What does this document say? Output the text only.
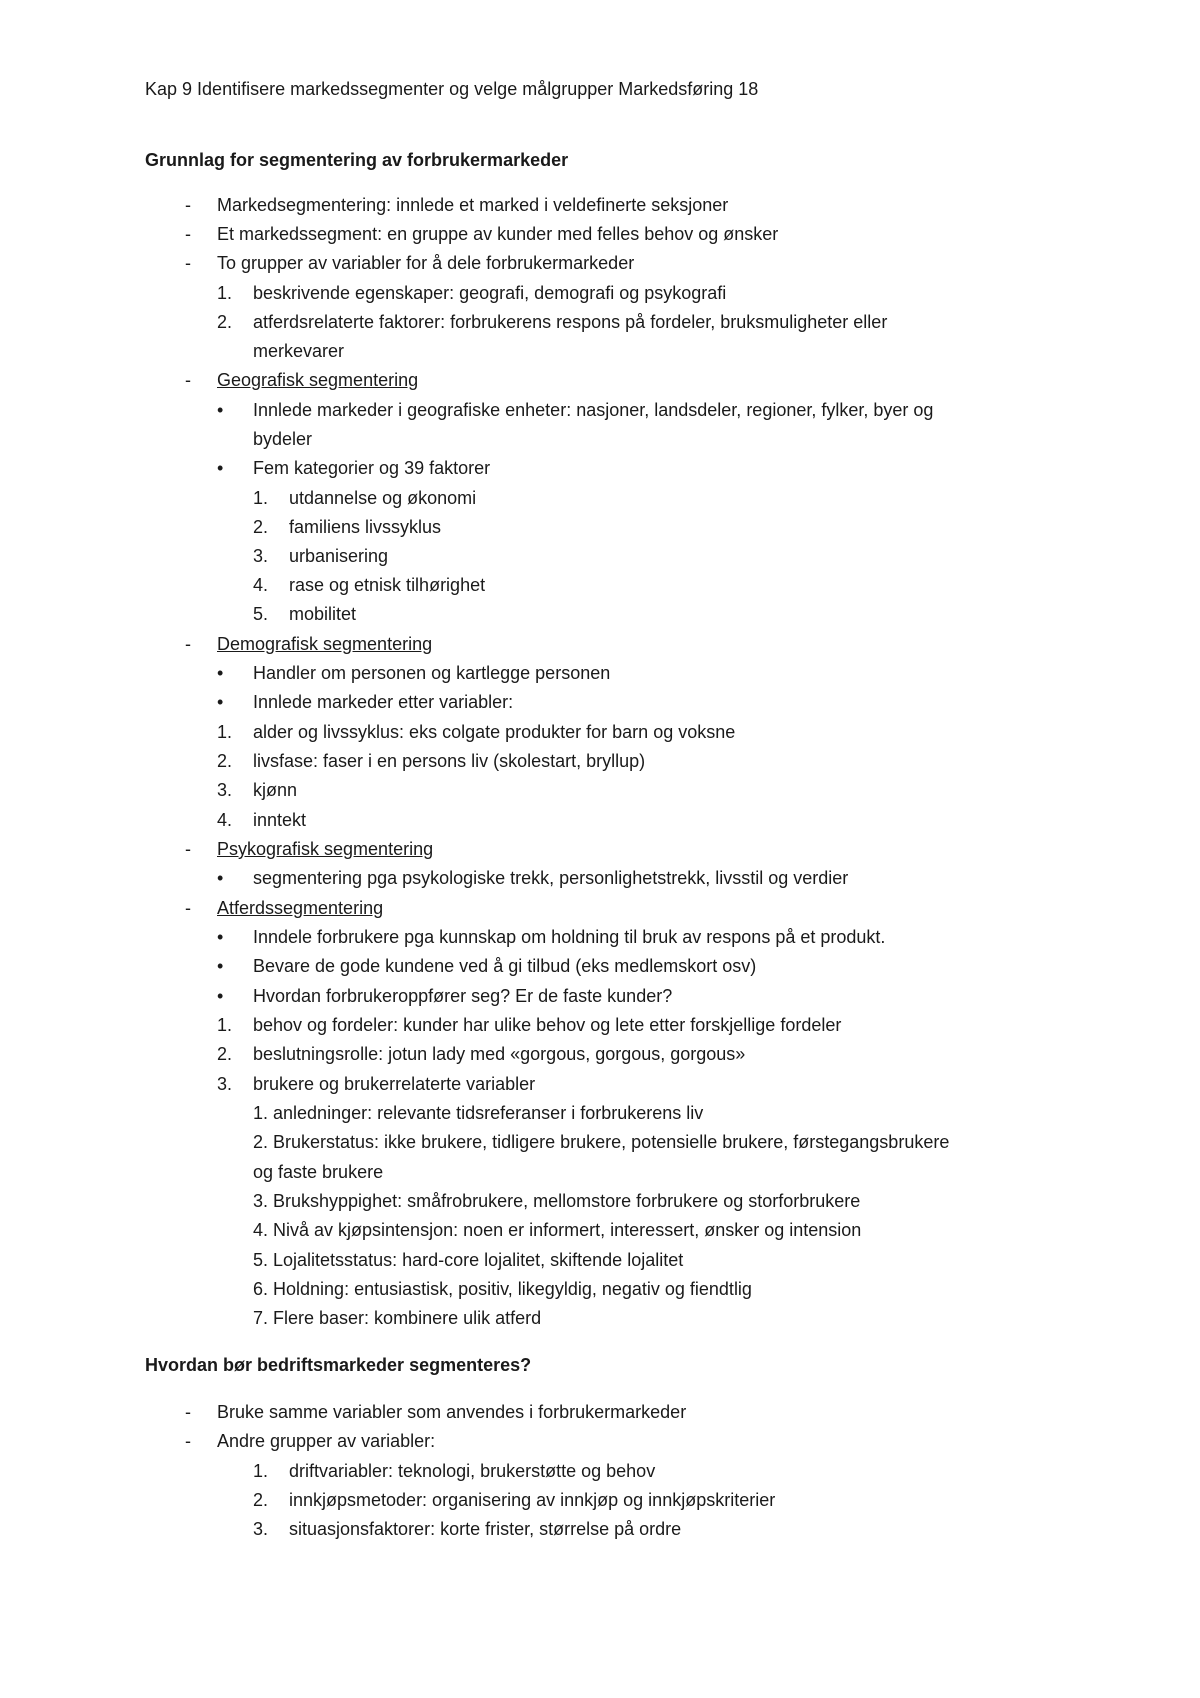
Kap 9 Identifisere markedssegmenter og velge målgrupper Markedsføring 18
Grunnlag for segmentering av forbrukermarkeder
- Markedsegmentering: innlede et marked i veldefinerte seksjoner
- Et markedssegment: en gruppe av kunder med felles behov og ønsker
- To grupper av variabler for å dele forbrukermarkeder
1. beskrivende egenskaper: geografi, demografi og psykografi
2. atferdsrelaterte faktorer: forbrukerens respons på fordeler, bruksmuligheter eller
merkevarer
- Geografisk segmentering
• Innlede markeder i geografiske enheter: nasjoner, landsdeler, regioner, fylker, byer og
bydeler
• Fem kategorier og 39 faktorer
1. utdannelse og økonomi
2. familiens livssyklus
3. urbanisering
4. rase og etnisk tilhørighet
5. mobilitet
- Demografisk segmentering
• Handler om personen og kartlegge personen
• Innlede markeder etter variabler:
1. alder og livssyklus: eks colgate produkter for barn og voksne
2. livsfase: faser i en persons liv (skolestart, bryllup)
3. kjønn
4. inntekt
- Psykografisk segmentering
• segmentering pga psykologiske trekk, personlighetstrekk, livsstil og verdier
- Atferdssegmentering
• Inndele forbrukere pga kunnskap om holdning til bruk av respons på et produkt.
• Bevare de gode kundene ved å gi tilbud (eks medlemskort osv)
• Hvordan forbrukeroppfører seg? Er de faste kunder?
1. behov og fordeler: kunder har ulike behov og lete etter forskjellige fordeler
2. beslutningsrolle: jotun lady med «gorgous, gorgous, gorgous»
3. brukere og brukerrelaterte variabler
1. anledninger: relevante tidsreferanser i forbrukerens liv
2. Brukerstatus: ikke brukere, tidligere brukere, potensielle brukere, førstegangsbrukere
og faste brukere
3. Brukshyppighet: småfrobrukere, mellomstore forbrukere og storforbrukere
4. Nivå av kjøpsintensjon: noen er informert, interessert, ønsker og intension
5. Lojalitetsstatus: hard-core lojalitet, skiftende lojalitet
6. Holdning: entusiastisk, positiv, likegyldig, negativ og fiendtlig
7. Flere baser: kombinere ulik atferd
Hvordan bør bedriftsmarkeder segmenteres?
- Bruke samme variabler som anvendes i forbrukermarkeder
- Andre grupper av variabler:
1. driftvariabler: teknologi, brukerstøtte og behov
2. innkjøpsmetoder: organisering av innkjøp og innkjøpskriterier
3. situasjonsfaktorer: korte frister, størrelse på ordre
